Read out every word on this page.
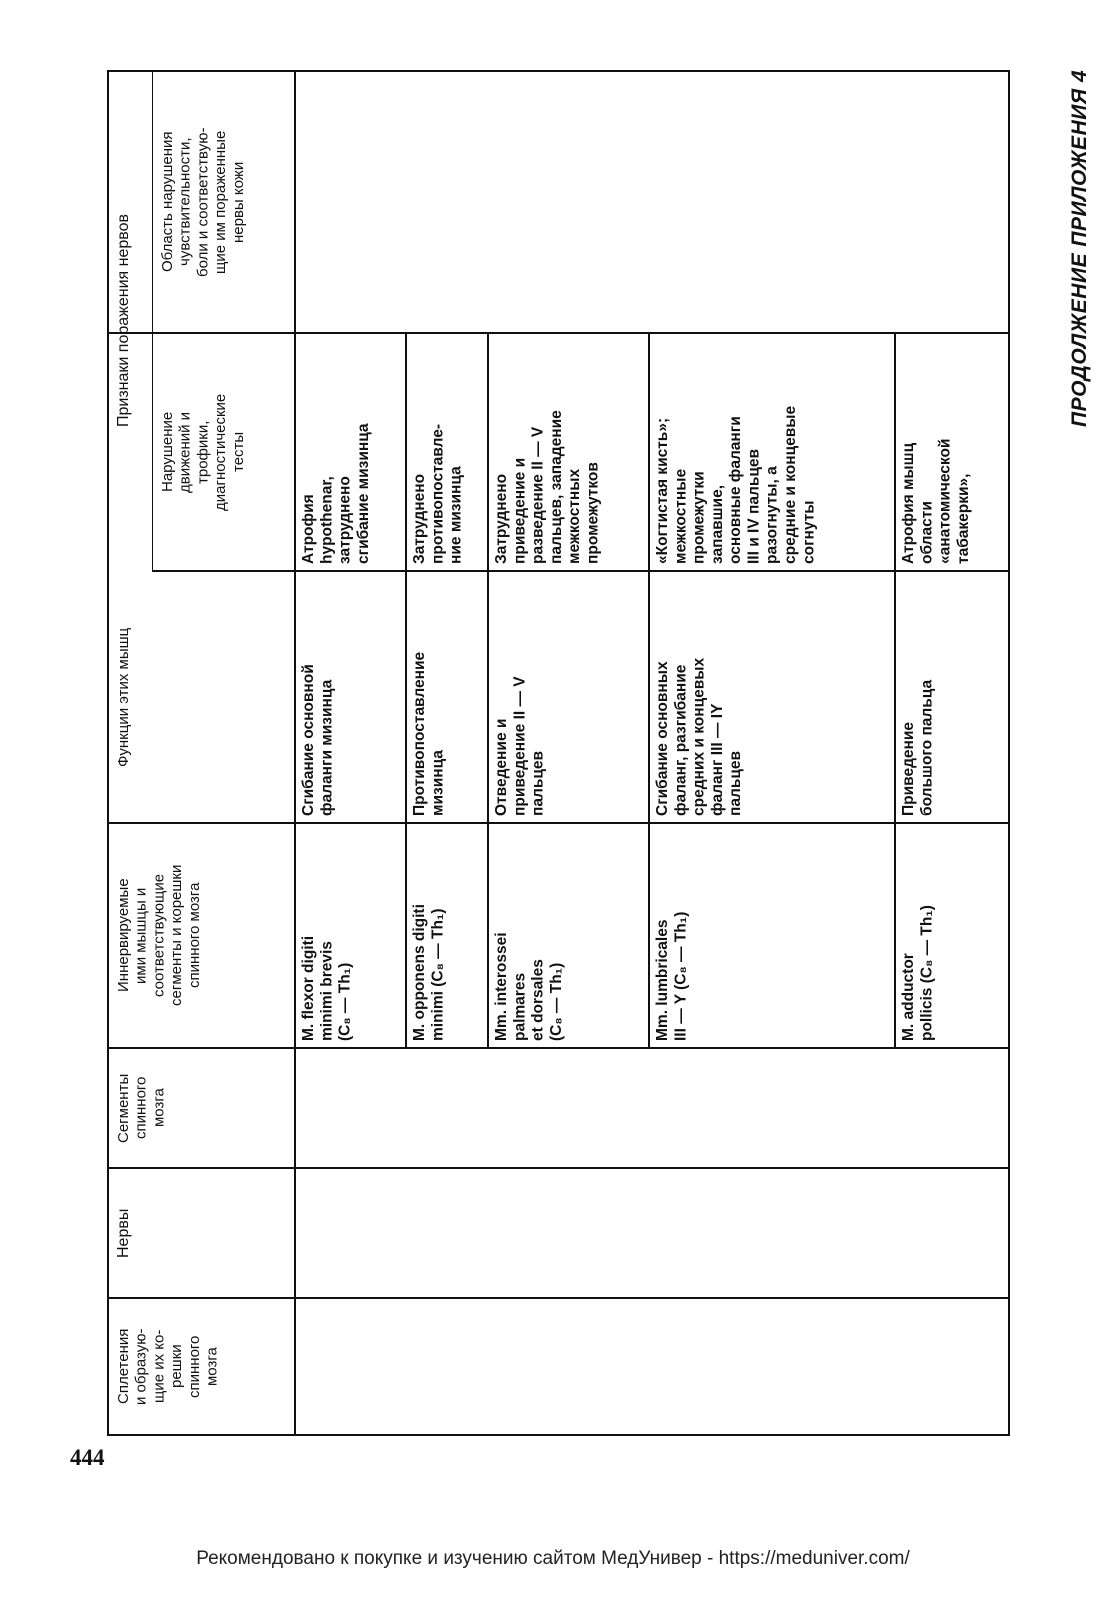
ПРОДОЛЖЕНИЕ ПРИЛОЖЕНИЯ 4
Область нарушения
чувствительности,
боли и соответствую-
щие им пораженные
нервы кожи
Нарушение
движений и
трофики,
диагностические
тесты
Признаки поражения нервов
Функции этих мышц
Иннервируемые
ими мышцы и
соответствующие
сегменты и корешки
спинного мозга
Сегменты
спинного
мозга
Нервы
Сплетения
и образую-
щие их ко-
решки
спинного
мозга
Атрофия
hypothenar,
затруднено
сгибание мизинца
Сгибание основной
фаланги мизинца
M. flexor digiti
minimi brevis
(C₈ — Th₁)
Затруднено
противопоставле-
ние мизинца
Противопоставление
мизинца
M. opponens digiti
minimi (C₈ — Th₁)
Затруднено
приведение и
разведение II — V
пальцев, западение
межкостных
промежутков
Отведение и
приведение II — V
пальцев
Mm. interossei
palmares
et dorsales
(C₈ — Th₁)
«Когтистая кисть»;
межкостные
промежутки
запавшие,
основные фаланги
III и IV пальцев
разогнуты, а
средние и концевые
согнуты
Сгибание основных
фаланг, разгибание
средних и концевых
фаланг III — IY
пальцев
Mm. lumbricales
III — Y (C₈ — Th₁)
Атрофия мышц
области
«анатомической
табакерки»,
Приведение
большого пальца
M. adductor
pollicis (C₈ — Th₁)
444
Рекомендовано к покупке и изучению сайтом МедУнивер - https://meduniver.com/
